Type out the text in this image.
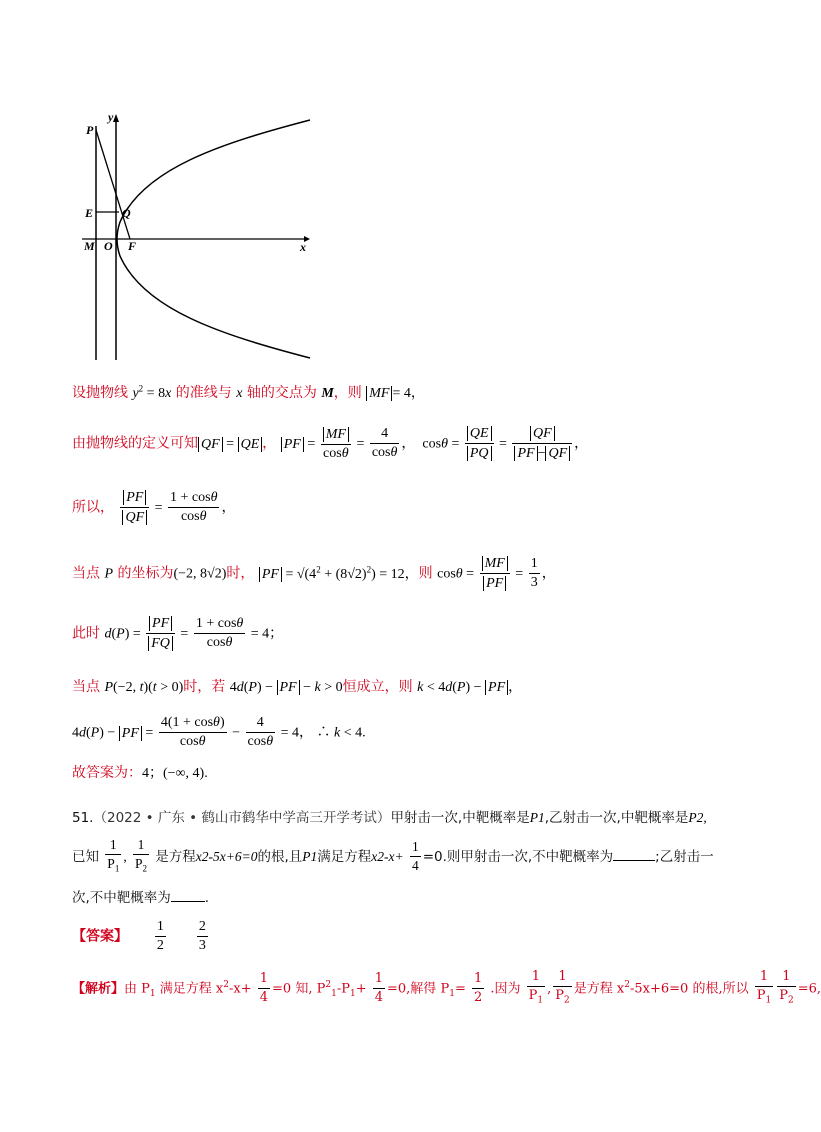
y
P
E Q
M O F	x
设抛物线 $y^2 = 8x$ 的准线与 x 轴的交点为 M，则 MF = 4，
由抛物线的定义可知 QF = QE ， PF = $\frac{MF}{\cos\theta} = \frac{4}{\cos\theta}$ ，  $\cos\theta = \frac{QE}{PQ} = \frac{QF}{PF - QF}$ ，
所以， $\frac{PF}{QF} = \frac{1 + \cos\theta}{\cos\theta}$ ，
当点 P 的坐标为(−2, 8√2)时， PF = $√(4^2 + (8√2)^2) = 12$，则 $\cos\theta = \frac{MF}{PF} = \frac{1}{3}$ ，
此时 $d(P) = \frac{PF}{FQ} = \frac{1 + \cos\theta}{\cos\theta} = 4$；
当点 P(−2, t)(t > 0)时，若 4d(P) − PF − k > 0恒成立，则 k < 4d(P) − PF ，
4d(P) − PF = $\frac{4(1 + \cos\theta)}{\cos\theta} - \frac{4}{\cos\theta} = 4$， ∴ k < 4.
故答案为：4；(−∞, 4).
51.（2022 • 广东 • 鹤山市鹤华中学高三开学考试）甲射击一次,中靶概率是P1,乙射击一次,中靶概率是P2,
已知 $\frac{1}{P_1}$ , $\frac{1}{P_2}$ 是方程x2-5x+6=0的根,且P1满足方程$x2-x+ \frac{1}{4} =0$.则甲射击一次,不中靶概率为	;乙射击一
次,不中靶概率为	.
【答案】 $\frac{1}{2}$
$\frac{2}{3}$
【解析】由 $P_1$ 满足方程 $x^2-x+ \frac{1}{4} =0$ 知, $P^2_1-P_1+ \frac{1}{4} =0$,解得 $P_1= \frac{1}{2}$ .因为 $\frac{1}{P_1}$ , $\frac{1}{P_2}$ 是方程 $x^2-5x+6=0$ 的根,所以 $\frac{1}{P_1} \frac{1}{P_2} =6$,
